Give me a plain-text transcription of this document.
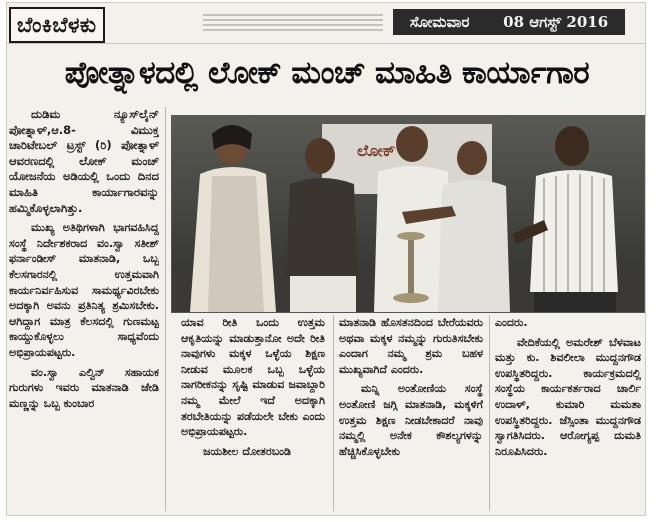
ಬೆಂಕಿಬೆಳಕು	ಸೋಮವಾರ 08 ಆಗಸ್ಟ್ 2016
ಪೋತ್ನಾಳದಲ್ಲಿ ಲೋಕ್ ಮಂಚ್ ಮಾಹಿತಿ ಕಾರ್ಯಾಗಾರ

ದುಡಿಮ ನ್ಯೂಸ್‌ಲೈನ್ ಪೋತ್ನಾಳ್,ಆ.8- ವಿಮುಕ್ತ ಚಾರಿಟೇಬಲ್ ಟ್ರಸ್ಟ್ (ರಿ) ಪೋತ್ನಾಳ್ ಆವರಣದಲ್ಲಿ ಲೋಕ್ ಮಂಚ್ ಯೋಜನೆಯ ಅಡಿಯಲ್ಲಿ ಒಂದು ದಿನದ ಮಾಹಿತಿ ಕಾರ್ಯಾಗಾರವನ್ನು ಹಮ್ಮಿಕೊಳ್ಳಲಾಗಿತ್ತು.

ಮುಖ್ಯ ಅತಿಥಿಗಳಾಗಿ ಭಾಗವಹಿಸಿದ್ದ ಸಂಸ್ಥೆ ನಿರ್ದೇಶಕರಾದ ವಂ.ಸ್ವಾ ಸತೀಶ್ ಫರ್ನಾಂಡೀಸ್ ಮಾತನಾಡಿ, ಒಬ್ಬ ಕೆಲಸಗಾರನಲ್ಲಿ ಉತ್ತಮವಾಗಿ ಕಾರ್ಯನಿರ್ವಹಿಸುವ ಸಾಮರ್ಥ್ಯವಿರಬೇಕು ಅದಕ್ಕಾಗಿ ಅವನು ಪ್ರತಿನಿತ್ಯ ಶ್ರಮಿಸಬೇಕು. ಆಗಿದ್ದಾಗ ಮಾತ್ರ ಕೆಲಸದಲ್ಲಿ ಗುಣಮಟ್ಟ ಕಾಯ್ದುಕೊಳ್ಳಲು ಸಾಧ್ಯವೆಂದು ಅಭಿಪ್ರಾಯಪಟ್ಟರು.

ವಂ.ಸ್ವಾ ಎಲ್ವಿನ್ ಸಹಾಯಕ ಗುರುಗಳು ಇವರು ಮಾತನಾಡಿ ಜೇಡಿ ಮಣ್ಣನ್ನು ಒಬ್ಬ ಕುಂಬಾರ

ಲೋಕ್

ಯಾವ ರೀತಿ ಒಂದು ಉತ್ತಮ ಆಕೃತಿಯನ್ನು ಮಾಡುತ್ತಾನೋ ಅದೇ ರೀತಿ ನಾವುಗಳು ಮಕ್ಕಳ ಒಳ್ಳೆಯ ಶಿಕ್ಷಣ ನೀಡುವ ಮೂಲಕ ಒಬ್ಬ ಒಳ್ಳೆಯ ನಾಗರೀಕನನ್ನು ಸೃಷ್ಟಿ ಮಾಡುವ ಜವಾಬ್ದಾರಿ ನಮ್ಮ ಮೇಲೆ ಇದೆ ಅದಕ್ಕಾಗಿ ತರಬೇತಿಯನ್ನು ಪಡೆಯಲೇ ಬೇಕು ಎಂದು ಅಭಿಪ್ರಾಯಪಟ್ಟರು.

ಜಯಶೀಲ ದೋತರಬಂಡಿ

ಮಾತನಾಡಿ ಹೊಸತನದಿಂದ ಬೇರೆಯವರು ಅಥವಾ ಮಕ್ಕಳ ನಮ್ಮನ್ನು ಗುರುತಿಸಬೇಕು ಎಂದಾಗ ನಮ್ಮ ಶ್ರಮ ಬಹಳ ಮುಖ್ಯವಾಗಿದೆ ಎಂದರು.

ಮನ್ನಿ ಅಂತೋಣಿಯ ಸಂಸ್ಥೆ ಅಂತೋಣಿ ಜಗ್ಗಿ ಮಾತನಾಡಿ, ಮಕ್ಕಳಿಗೆ ಉತ್ತಮ ಶಿಕ್ಷಣ ನೀಡಬೇಕಾದರೆ ನಾವು ನಮ್ಮಲ್ಲಿ ಅನೇಕ ಕೌಶಲ್ಯಗಳನ್ನು ಹೆಚ್ಚಿಸಿಕೊಳ್ಳಬೇಕು

ಎಂದರು.

ವೇದಿಕೆಯಲ್ಲಿ ಅಮರೇಶ್ ಬೆಳವಾಟ ಮತ್ತು ಕು. ಶಿವಲೀಲಾ ಮುದ್ದನಗೌಡ ಉಪಸ್ಥಿತರಿದ್ದರು. ಕಾರ್ಯಕ್ರಮದಲ್ಲಿ ಸಂಸ್ಥೆಯ ಕಾರ್ಯಕರ್ತರಾದ ಚಾರ್ಲಿ ಉದಾಳ್, ಕುಮಾರಿ ಮಮತಾ ಉಪಸ್ಥಿತರಿದ್ದರು. ಜೆಸ್ಸಿಂತಾ ಮುದ್ದನಗೌಡ ಸ್ವಾಗತಿಸಿದರು. ಆರೋಗ್ಯಪ್ಪ ದುಮತಿ ನಿರೂಪಿಸಿದರು.
